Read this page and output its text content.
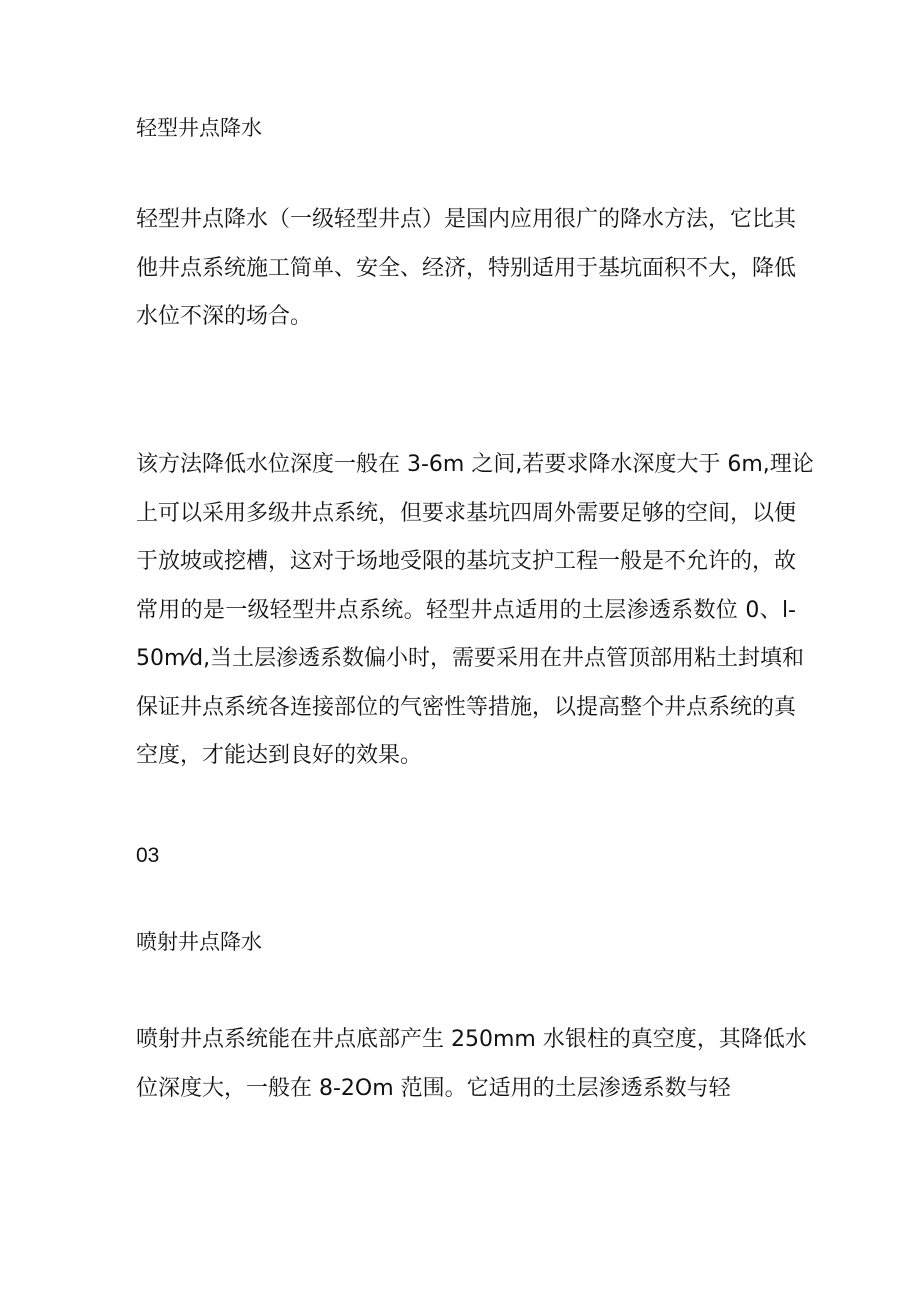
轻型井点降水
轻型井点降水（一级轻型井点）是国内应用很广的降水方法，它比其
他井点系统施工简单、安全、经济，特别适用于基坑面积不大，降低
水位不深的场合。
该方法降低水位深度一般在 3-6m 之间,若要求降水深度大于 6m,理论
上可以采用多级井点系统，但要求基坑四周外需要足够的空间，以便
于放坡或挖槽，这对于场地受限的基坑支护工程一般是不允许的，故
常用的是一级轻型井点系统。轻型井点适用的土层渗透系数位 0、l-
50m⁄d,当土层渗透系数偏小时，需要采用在井点管顶部用粘土封填和
保证井点系统各连接部位的气密性等措施，以提高整个井点系统的真
空度，才能达到良好的效果。
03
喷射井点降水
喷射井点系统能在井点底部产生 250mm 水银柱的真空度，其降低水
位深度大，一般在 8-2Om 范围。它适用的土层渗透系数与轻
